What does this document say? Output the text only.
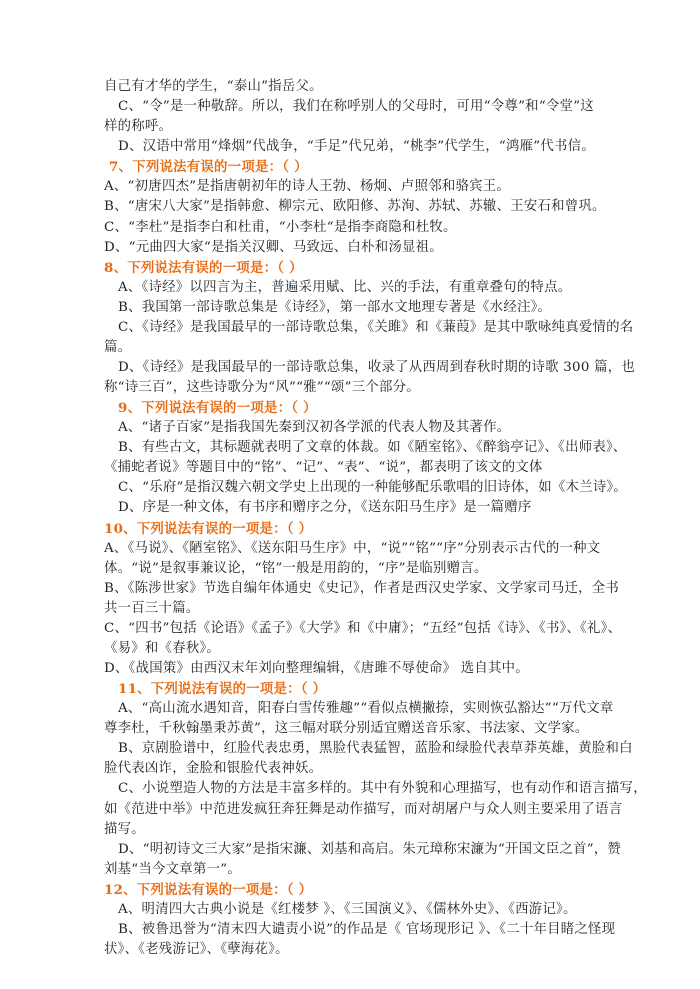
自己有才华的学生，“泰山”指岳父。
C、“令”是一种敬辞。所以，我们在称呼别人的父母时，可用“令尊”和“令堂”这
样的称呼。
D、汉语中常用“烽烟”代战争，“手足”代兄弟，“桃李”代学生，“鸿雁”代书信。
7、下列说法有误的一项是：（ ）
A、“初唐四杰”是指唐朝初年的诗人王勃、杨炯、卢照邻和骆宾王。
B、“唐宋八大家”是指韩愈、柳宗元、欧阳修、苏洵、苏轼、苏辙、王安石和曾巩。
C、“李杜”是指李白和杜甫，“小李杜“是指李商隐和杜牧。
D、“元曲四大家“是指关汉卿、马致远、白朴和汤显祖。
8、下列说法有误的一项是：（ ）
A、《诗经》以四言为主，普遍采用赋、比、兴的手法，有重章叠句的特点。
B、我国第一部诗歌总集是《诗经》，第一部水文地理专著是《水经注》。
C、《诗经》是我国最早的一部诗歌总集，《关雎》和《蒹葭》是其中歌咏纯真爱情的名
篇。
D、《诗经》是我国最早的一部诗歌总集，收录了从西周到春秋时期的诗歌 300 篇，也
称“诗三百”，这些诗歌分为“风”“雅”“颂”三个部分。
9、下列说法有误的一项是：（ ）
A、“诸子百家”是指我国先秦到汉初各学派的代表人物及其著作。
B、有些古文，其标题就表明了文章的体裁。如《陋室铭》、《醉翁亭记》、《出师表》、
《捕蛇者说》等题目中的“铭”、“记”、“表”、“说”，都表明了该文的文体
C、“乐府”是指汉魏六朝文学史上出现的一种能够配乐歌唱的旧诗体，如《木兰诗》。
D、序是一种文体，有书序和赠序之分，《送东阳马生序》是一篇赠序
10、下列说法有误的一项是：（ ）
A、《马说》、《陋室铭》、《送东阳马生序》中，“说”“铭”“序”分别表示古代的一种文
体。“说”是叙事兼议论，“铭”一般是用韵的，“序”是临别赠言。
B、《陈涉世家》节选自编年体通史《史记》，作者是西汉史学家、文学家司马迁，全书
共一百三十篇。
C、“四书”包括《论语》《孟子》《大学》和《中庸》；“五经”包括《诗》、《书》、《礼》、
《易》和《春秋》。
D、《战国策》由西汉末年刘向整理编辑，《唐雎不辱使命》 选自其中。
11、下列说法有误的一项是：（ ）
A、“高山流水遇知音，阳春白雪传雅趣”“看似点横撇捺，实则恢弘豁达”“万代文章
尊李杜，千秋翰墨秉苏黄”，这三幅对联分别适宜赠送音乐家、书法家、文学家。
B、京剧脸谱中，红脸代表忠勇，黑脸代表猛智，蓝脸和绿脸代表草莽英雄，黄脸和白
脸代表凶诈，金脸和银脸代表神妖。
C、小说塑造人物的方法是丰富多样的。其中有外貌和心理描写，也有动作和语言描写，
如《范进中举》中范进发疯狂奔狂舞是动作描写，而对胡屠户与众人则主要采用了语言
描写。
D、“明初诗文三大家”是指宋濂、刘基和高启。朱元璋称宋濂为“开国文臣之首”，赞
刘基“当今文章第一”。
12、下列说法有误的一项是：（ ）
A、明清四大古典小说是《红楼梦 》、《三国演义》、《儒林外史》、《西游记》。
B、被鲁迅誉为“清末四大谴责小说”的作品是《 官场现形记 》、《二十年目睹之怪现
状》、《老残游记》、《孽海花》。
